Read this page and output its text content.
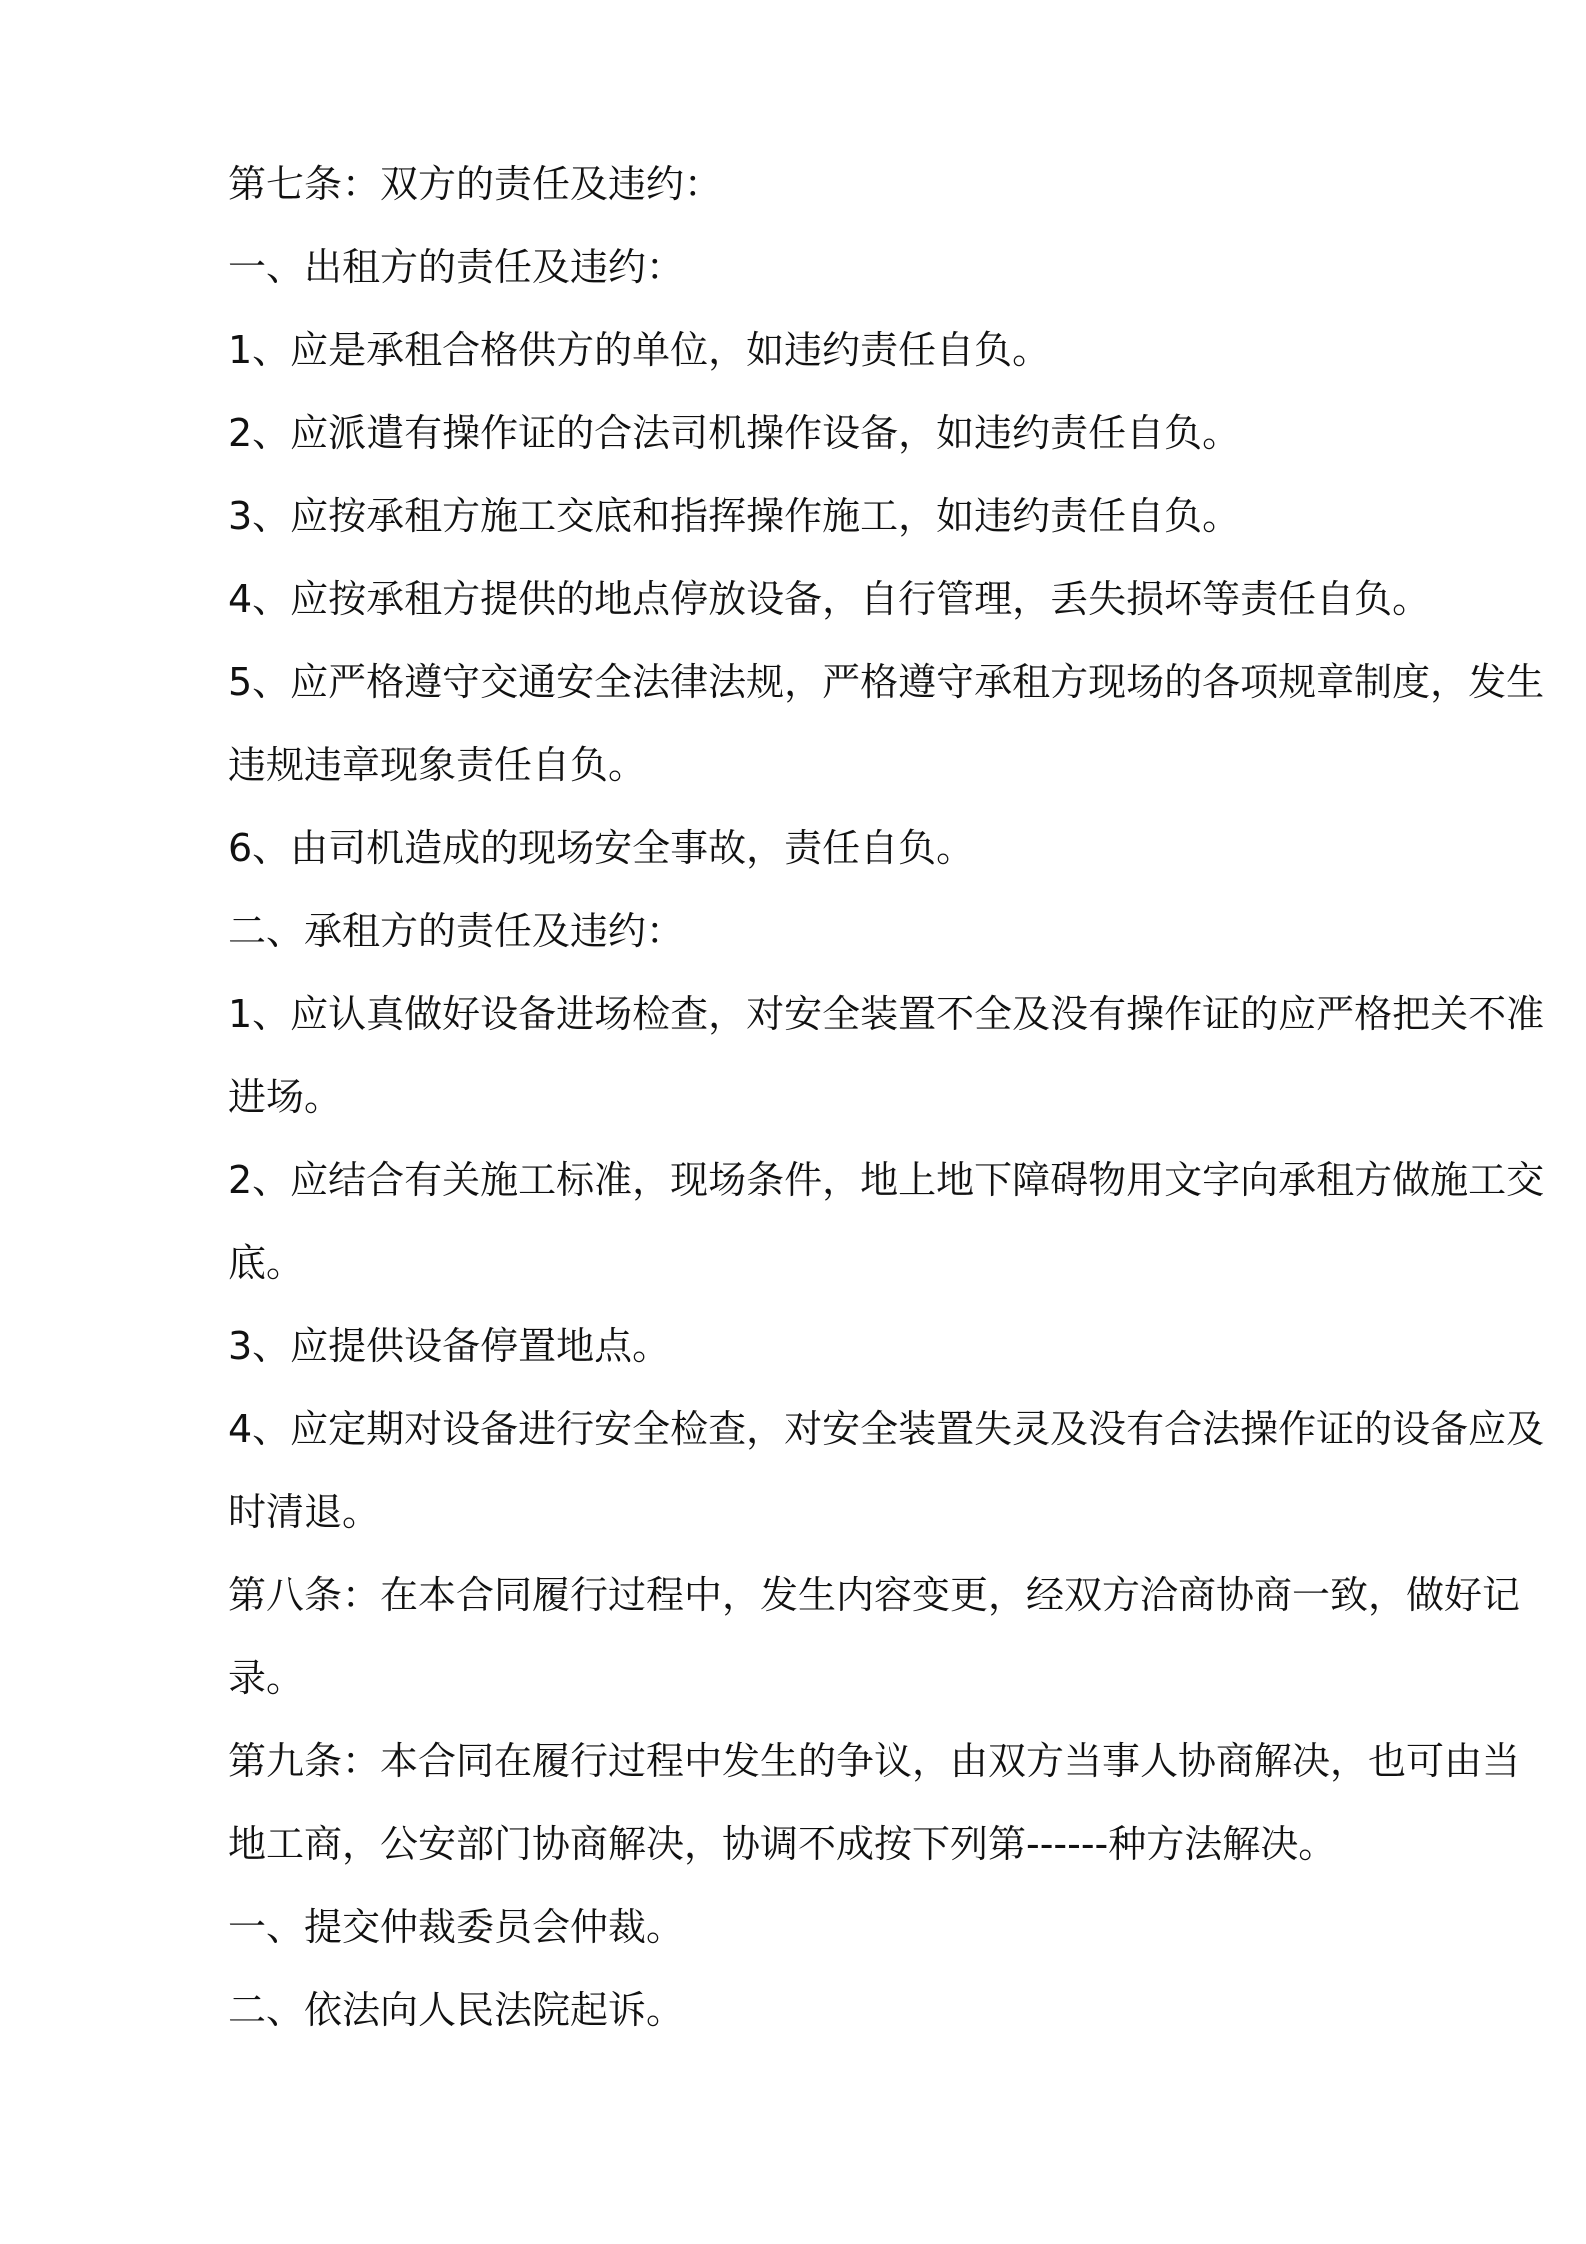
第七条：双方的责任及违约：
一、出租方的责任及违约：
1、应是承租合格供方的单位，如违约责任自负。
2、应派遣有操作证的合法司机操作设备，如违约责任自负。
3、应按承租方施工交底和指挥操作施工，如违约责任自负。
4、应按承租方提供的地点停放设备，自行管理，丢失损坏等责任自负。
5、应严格遵守交通安全法律法规，严格遵守承租方现场的各项规章制度，发生
违规违章现象责任自负。
6、由司机造成的现场安全事故，责任自负。
二、承租方的责任及违约：
1、应认真做好设备进场检查，对安全装置不全及没有操作证的应严格把关不准
进场。
2、应结合有关施工标准，现场条件，地上地下障碍物用文字向承租方做施工交
底。
3、应提供设备停置地点。
4、应定期对设备进行安全检查，对安全装置失灵及没有合法操作证的设备应及
时清退。
第八条：在本合同履行过程中，发生内容变更，经双方洽商协商一致，做好记
录。
第九条：本合同在履行过程中发生的争议，由双方当事人协商解决，也可由当
地工商，公安部门协商解决，协调不成按下列第------种方法解决。
一、提交仲裁委员会仲裁。
二、依法向人民法院起诉。
